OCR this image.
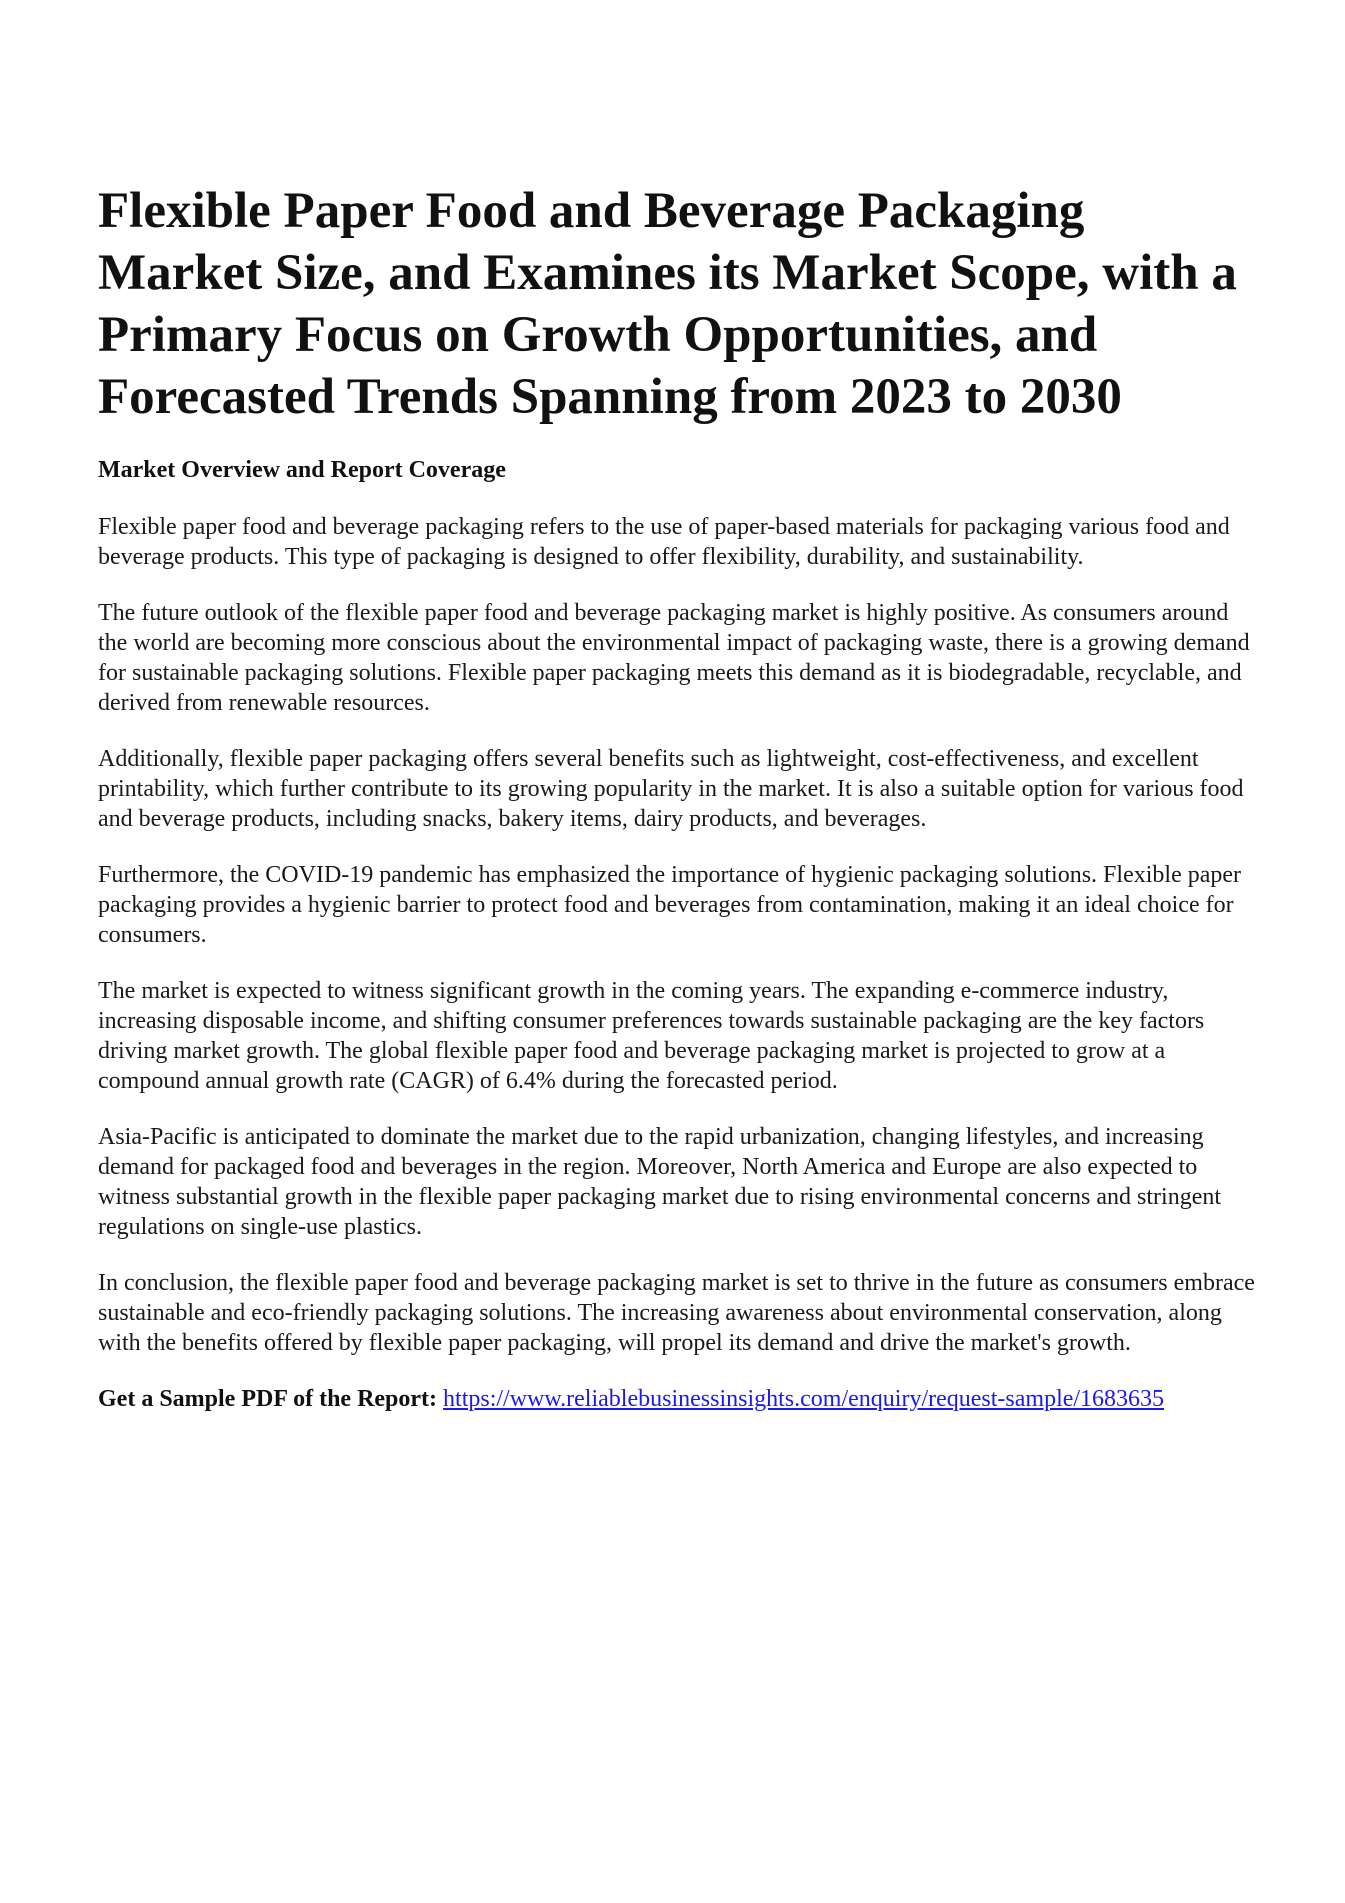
Flexible Paper Food and Beverage Packaging Market Size, and Examines its Market Scope, with a Primary Focus on Growth Opportunities, and Forecasted Trends Spanning from 2023 to 2030
Market Overview and Report Coverage

Flexible paper food and beverage packaging refers to the use of paper-based materials for packaging various food and beverage products. This type of packaging is designed to offer flexibility, durability, and sustainability.

The future outlook of the flexible paper food and beverage packaging market is highly positive. As consumers around the world are becoming more conscious about the environmental impact of packaging waste, there is a growing demand for sustainable packaging solutions. Flexible paper packaging meets this demand as it is biodegradable, recyclable, and derived from renewable resources.

Additionally, flexible paper packaging offers several benefits such as lightweight, cost-effectiveness, and excellent printability, which further contribute to its growing popularity in the market. It is also a suitable option for various food and beverage products, including snacks, bakery items, dairy products, and beverages.

Furthermore, the COVID-19 pandemic has emphasized the importance of hygienic packaging solutions. Flexible paper packaging provides a hygienic barrier to protect food and beverages from contamination, making it an ideal choice for consumers.

The market is expected to witness significant growth in the coming years. The expanding e-commerce industry, increasing disposable income, and shifting consumer preferences towards sustainable packaging are the key factors driving market growth. The global flexible paper food and beverage packaging market is projected to grow at a compound annual growth rate (CAGR) of 6.4% during the forecasted period.

Asia-Pacific is anticipated to dominate the market due to the rapid urbanization, changing lifestyles, and increasing demand for packaged food and beverages in the region. Moreover, North America and Europe are also expected to witness substantial growth in the flexible paper packaging market due to rising environmental concerns and stringent regulations on single-use plastics.

In conclusion, the flexible paper food and beverage packaging market is set to thrive in the future as consumers embrace sustainable and eco-friendly packaging solutions. The increasing awareness about environmental conservation, along with the benefits offered by flexible paper packaging, will propel its demand and drive the market's growth.

Get a Sample PDF of the Report: https://www.reliablebusinessinsights.com/enquiry/request-sample/1683635
